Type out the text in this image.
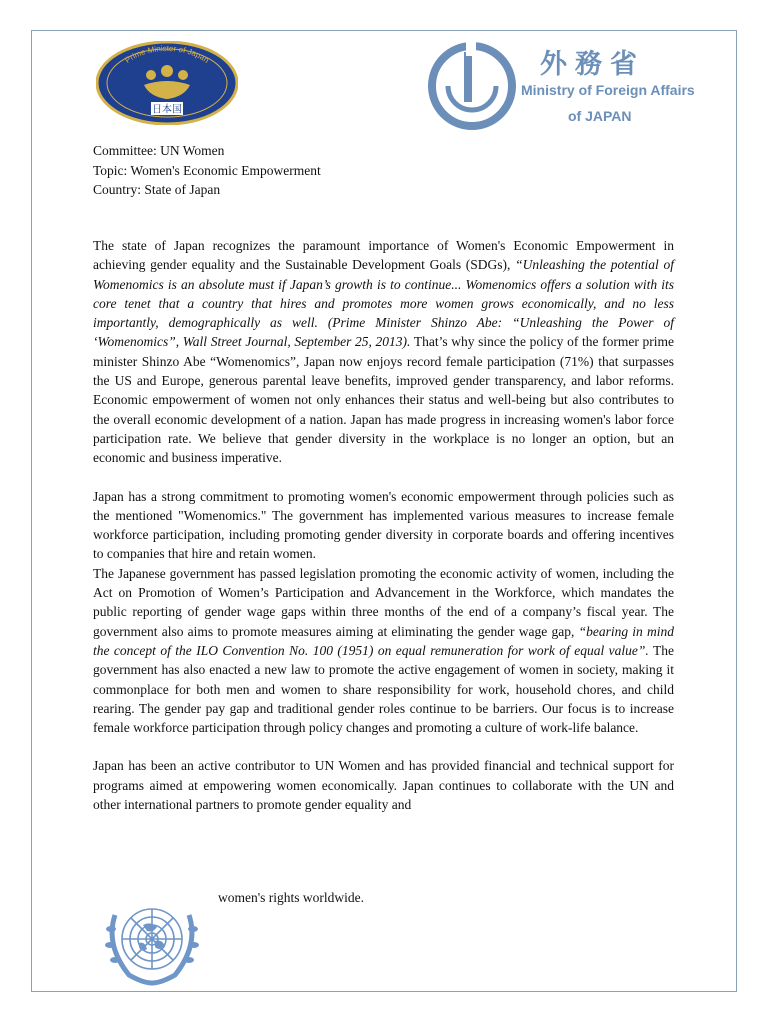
Prime Minister of Japan
日本国
外務省
Ministry of Foreign Affairs
of JAPAN
Committee: UN Women
Topic: Women's Economic Empowerment
Country: State of Japan

The state of Japan recognizes the paramount importance of Women's Economic Empowerment in achieving gender equality and the Sustainable Development Goals (SDGs), “Unleashing the potential of Womenomics is an absolute must if Japan’s growth is to continue... Womenomics offers a solution with its core tenet that a country that hires and promotes more women grows economically, and no less importantly, demographically as well. (Prime Minister Shinzo Abe: “Unleashing the Power of ‘Womenomics”, Wall Street Journal, September 25, 2013). That’s why since the policy of the former prime minister Shinzo Abe “Womenomics”, Japan now enjoys record female participation (71%) that surpasses the US and Europe, generous parental leave benefits, improved gender transparency, and labor reforms. Economic empowerment of women not only enhances their status and well-being but also contributes to the overall economic development of a nation. Japan has made progress in increasing women's labor force participation rate. We believe that gender diversity in the workplace is no longer an option, but an economic and business imperative.

Japan has a strong commitment to promoting women's economic empowerment through policies such as the mentioned "Womenomics." The government has implemented various measures to increase female workforce participation, including promoting gender diversity in corporate boards and offering incentives to companies that hire and retain women.

The Japanese government has passed legislation promoting the economic activity of women, including the Act on Promotion of Women’s Participation and Advancement in the Workforce, which mandates the public reporting of gender wage gaps within three months of the end of a company’s fiscal year. The government also aims to promote measures aiming at eliminating the gender wage gap, “bearing in mind the concept of the ILO Convention No. 100 (1951) on equal remuneration for work of equal value”. The government has also enacted a new law to promote the active engagement of women in society, making it commonplace for both men and women to share responsibility for work, household chores, and child rearing. The gender pay gap and traditional gender roles continue to be barriers. Our focus is to increase female workforce participation through policy changes and promoting a culture of work-life balance.

Japan has been an active contributor to UN Women and has provided financial and technical support for programs aimed at empowering women economically. Japan continues to collaborate with the UN and other international partners to promote gender equality and

women's rights worldwide.
